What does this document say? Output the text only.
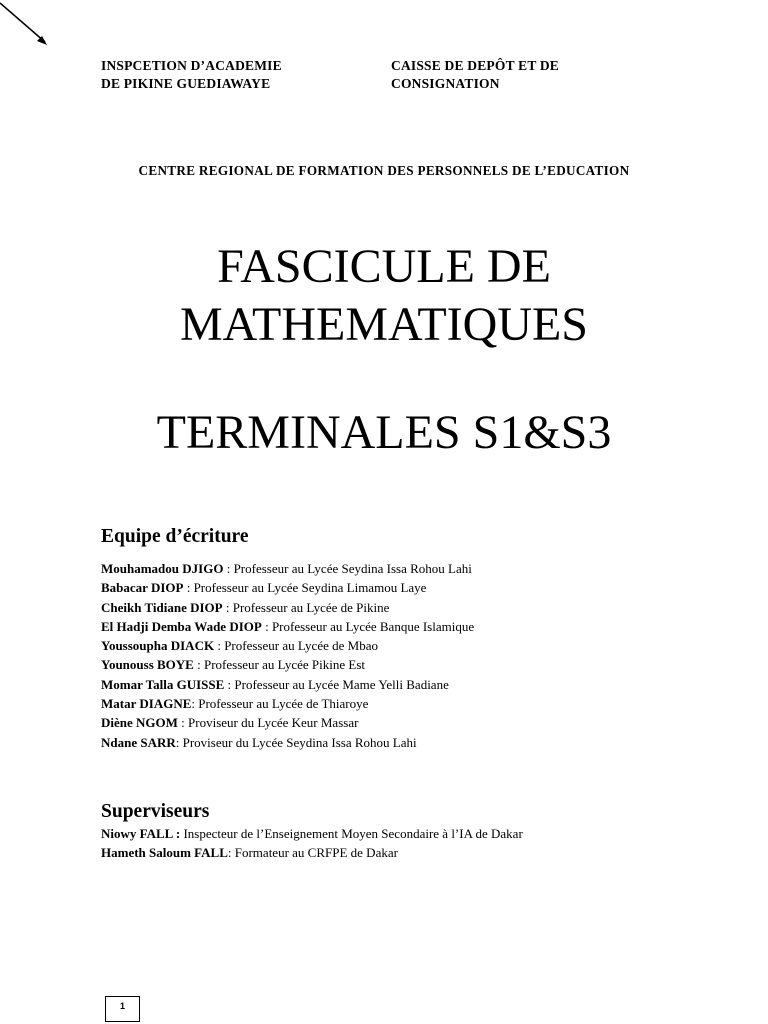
INSPCETION D’ACADEMIE
DE PIKINE GUEDIAWAYE
CAISSE DE DEPÔT ET DE
CONSIGNATION
CENTRE REGIONAL DE FORMATION DES PERSONNELS DE L’EDUCATION
FASCICULE DE
MATHEMATIQUES
TERMINALES S1&S3
Equipe d’écriture
Mouhamadou DJIGO : Professeur au Lycée Seydina Issa Rohou Lahi
Babacar DIOP : Professeur au Lycée Seydina Limamou Laye
Cheikh Tidiane DIOP : Professeur au Lycée de Pikine
El Hadji Demba Wade DIOP : Professeur au Lycée Banque Islamique
Youssoupha DIACK : Professeur au Lycée de Mbao
Younouss BOYE : Professeur au Lycée Pikine Est
Momar Talla GUISSE : Professeur au Lycée Mame Yelli Badiane
Matar DIAGNE: Professeur au Lycée de Thiaroye
Diène NGOM : Proviseur du Lycée Keur Massar
Ndane SARR: Proviseur du Lycée Seydina Issa Rohou Lahi
Superviseurs
Niowy FALL : Inspecteur de l’Enseignement Moyen Secondaire à l’IA de Dakar
Hameth Saloum FALL: Formateur au CRFPE de Dakar
1
